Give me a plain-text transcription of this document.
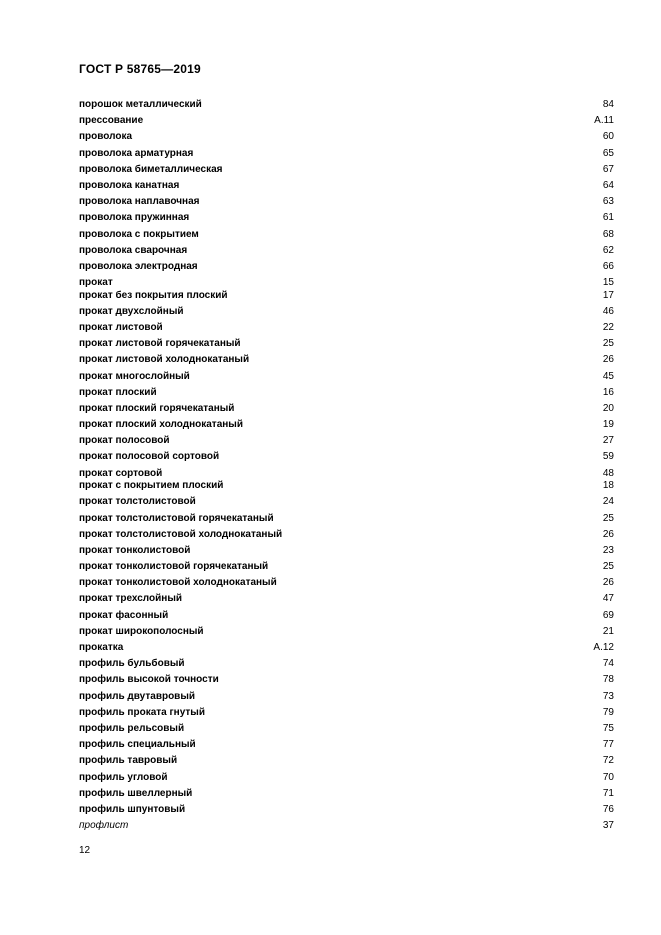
ГОСТ Р 58765—2019
порошок металлический	84
прессование	А.11
проволока	60
проволока арматурная	65
проволока биметаллическая	67
проволока канатная	64
проволока наплавочная	63
проволока пружинная	61
проволока с покрытием	68
проволока сварочная	62
проволока электродная	66
прокат	15
прокат без покрытия плоский	17
прокат двухслойный	46
прокат листовой	22
прокат листовой горячекатаный	25
прокат листовой холоднокатаный	26
прокат многослойный	45
прокат плоский	16
прокат плоский горячекатаный	20
прокат плоский холоднокатаный	19
прокат полосовой	27
прокат полосовой сортовой	59
прокат сортовой	48
прокат с покрытием плоский	18
прокат толстолистовой	24
прокат толстолистовой горячекатаный	25
прокат толстолистовой холоднокатаный	26
прокат тонколистовой	23
прокат тонколистовой горячекатаный	25
прокат тонколистовой холоднокатаный	26
прокат трехслойный	47
прокат фасонный	69
прокат широкополосный	21
прокатка	А.12
профиль бульбовый	74
профиль высокой точности	78
профиль двутавровый	73
профиль проката гнутый	79
профиль рельсовый	75
профиль специальный	77
профиль тавровый	72
профиль угловой	70
профиль швеллерный	71
профиль шпунтовый	76
профлист	37
12
